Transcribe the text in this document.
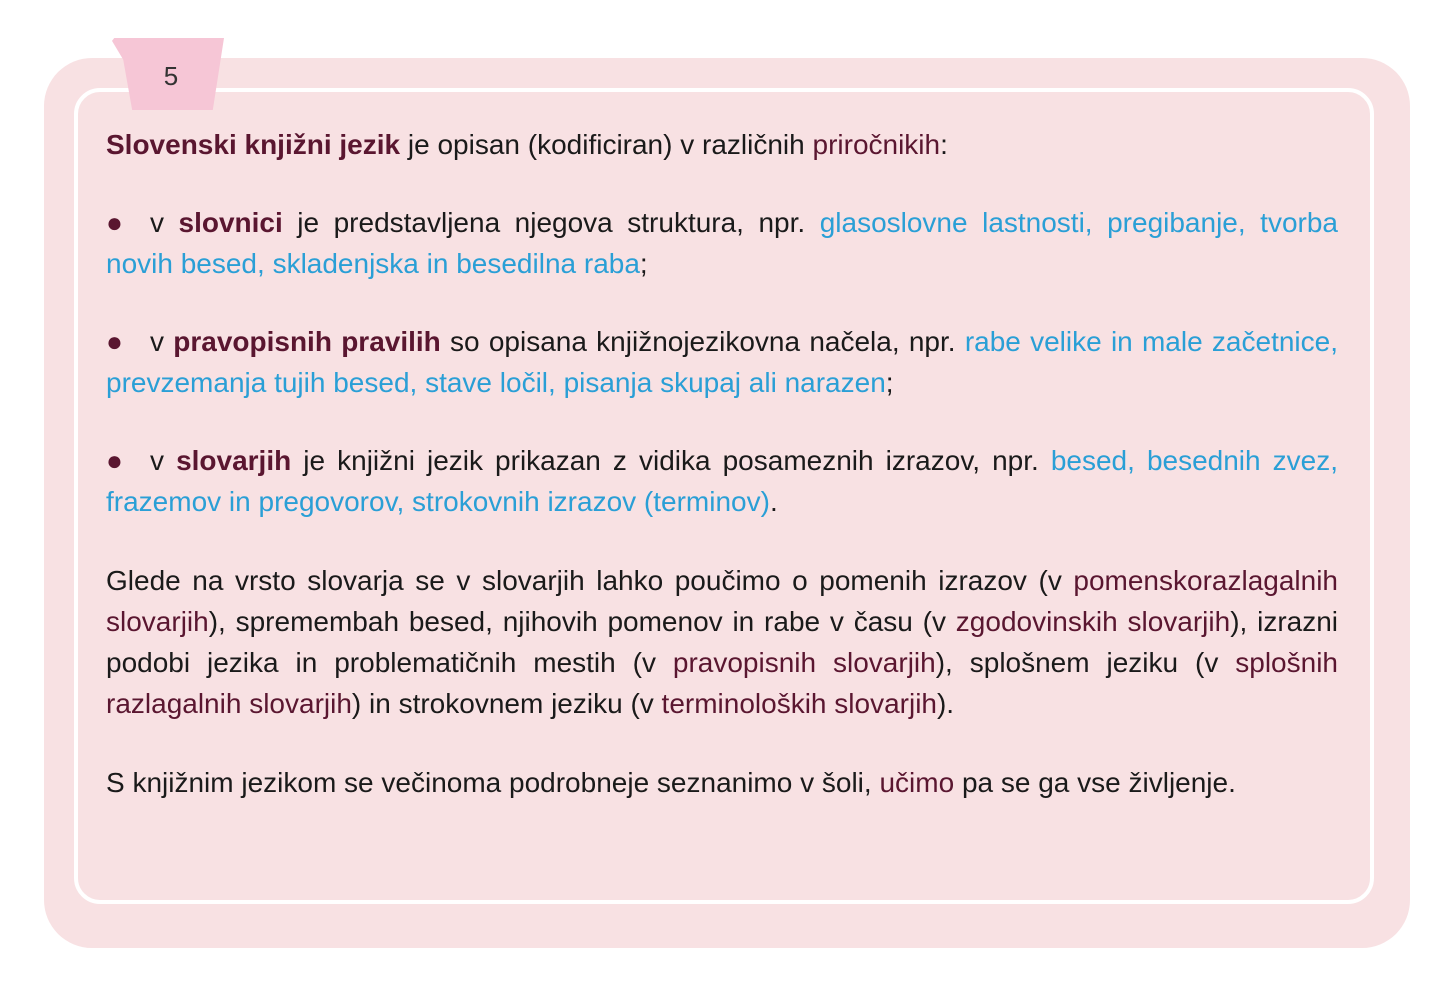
5

Slovenski knjižni jezik je opisan (kodificiran) v različnih priročnikih:

● v slovnici je predstavljena njegova struktura, npr. glasoslovne lastnosti, pregibanje, tvorba novih besed, skladenjska in besedilna raba;

● v pravopisnih pravilih so opisana knjižnojezikovna načela, npr. rabe velike in male začetnice, prevzemanja tujih besed, stave ločil, pisanja skupaj ali narazen;

● v slovarjih je knjižni jezik prikazan z vidika posameznih izrazov, npr. besed, besednih zvez, frazemov in pregovorov, strokovnih izrazov (terminov).

Glede na vrsto slovarja se v slovarjih lahko poučimo o pomenih izrazov (v pomenskorazlagalnih slovarjih), spremembah besed, njihovih pomenov in rabe v času (v zgodovinskih slovarjih), izrazni podobi jezika in problematičnih mestih (v pravopisnih slovarjih), splošnem jeziku (v splošnih razlagalnih slovarjih) in strokovnem jeziku (v terminoloških slovarjih).

S knjižnim jezikom se večinoma podrobneje seznanimo v šoli, učimo pa se ga vse življenje.
